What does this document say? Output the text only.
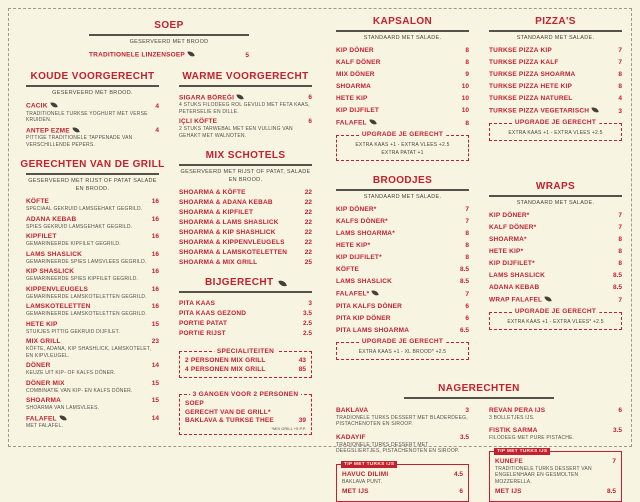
SOEP
GESERVEERD MET BROOD
TRADITIONELE LINZENSOEP	5
KOUDE VOORGERECHT
GESERVEERD MET BROOD.
CACIK	4
TRADITIONELE TURKSE YOGHURT MET VERSE KRUIDEN.
ANTEP EZME	4
PITTIGE TRADITIONELE TAPPENADE VAN VERSCHILLENDE PEPERS.
GERECHTEN VAN DE GRILL
GESERVEERD MET RIJST OF PATAT SALADE EN BROOD.
KÖFTE	16
SPECIAAL GEKRUID LAMSGEHAKT GEGRILD.
ADANA KEBAB	16
SPIES GEKRUID LAMSGEHAKT GEGRILD.
KIPFILET	16
GEMARINEERDE KIPFILET GEGRILD.
LAMS SHASLICK	16
GEMARINEERDE SPIES LAMSVLEES GEGRILD.
KIP SHASLICK	16
GEMARINEERDE SPIES KIPFILET GEGRILD.
KIPPENVLEUGELS	16
GEMARINEERDE LAMSKOTELETTEN GEGRILD.
LAMSKOTELETTEN	16
GEMARINEERDE LAMSKOTELETTEN GEGRILD.
HETE KIP	15
STUKJES PITTIG GEKRUID DIJFILET.
MIX GRILL	23
KÖFTE, ADANA, KIP SHASHLICK, LAMSKOTELET, EN KIPVLEUGEL.
DÖNER	14
KEUZE UIT KIP- OF KALFS DÖNER.
DÖNER MIX	15
COMBINATIE VAN KIP- EN KALFS DÖNER.
SHOARMA	15
SHOARMA VAN LAMSVLEES.
FALAFEL	14
MET FALAFEL.
WARME VOORGERECHT
SIGARA BÖREĞI	6
4 STUKS FILODEEG ROL GEVULD MET FETA KAAS, PETERSELIE EN DILLE.
IÇLI KÖFTE	6
2 STUKS TARWEBAL MET EEN VULLING VAN GEHAKT MET WALNOTEN.
MIX SCHOTELS
GESERVEERD MET RIJST OF PATAT, SALADE EN BROOD.
SHOARMA & KÖFTE	22
SHOARMA & ADANA KEBAB	22
SHOARMA & KIPFILET	22
SHOARMA & LAMS SHASLICK	22
SHOARMA & KIP SHASHLICK	22
SHOARMA & KIPPENVLEUGELS	22
SHOARMA & LAMSKOTELETTEN	22
SHOARMA & MIX GRILL	25
BIJGERECHT
PITA KAAS	3
PITA KAAS GEZOND	3.5
PORTIE PATAT	2.5
PORTIE RIJST	2.5
SPECIALITEITEN
2 PERSONEN MIX GRILL	43
4 PERSONEN MIX GRILL	85
3 GANGEN VOOR 2 PERSONEN
SOEP
GERECHT VAN DE GRILL*
BAKLAVA & TURKSE THEE	39
*MIX GRILL +5 P.P.
KAPSALON
STANDAARD MET SALADE.
KIP DÖNER	8
KALF DÖNER	8
MIX DÖNER	9
SHOARMA	10
HETE KIP	10
KIP DIJFILET	10
FALAFEL	8
UPGRADE JE GERECHT
EXTRA KAAS +1 - EXTRA VLEES +2.5
EXTRA PATAT +1
BROODJES
STANDAARD MET SALADE.
KIP DÖNER*	7
KALFS DÖNER*	7
LAMS SHOARMA*	8
HETE KIP*	8
KIP DIJFILET*	8
KÖFTE	8.5
LAMS SHASLICK	8.5
FALAFEL*	7
PITA KALFS DÖNER	6
PITA KIP DÖNER	6
PITA LAMS SHOARMA	6.5
UPGRADE JE GERECHT
EXTRA KAAS +1 - XL BROOD* +2.5
PIZZA'S
STANDAARD MET SALADE.
TURKSE PIZZA KIP	7
TURKSE PIZZA KALF	7
TURKSE PIZZA SHOARMA	8
TURKSE PIZZA HETE KIP	8
TURKSE PIZZA NATUREL	4
TURKSE PIZZA VEGETARISCH	3
UPGRADE JE GERECHT
EXTRA KAAS +1 - EXTRA VLEES +2.5
WRAPS
STANDAARD MET SALADE.
KIP DÖNER*	7
KALF DÖNER*	7
SHOARMA*	8
HETE KIP*	8
KIP DIJFILET*	8
LAMS SHASLICK	8.5
ADANA KEBAB	8.5
WRAP FALAFEL	7
UPGRADE JE GERECHT
EXTRA KAAS +1 - EXTRA VLEES* +2.5
NAGERECHTEN
BAKLAVA	3
TRADIONELE TURKS DESSERT MET BLADERDEEG, PISTACHENOTEN EN SIROOP.
KADAYIF	3.5
TRADIONELE TURKS DESSERT MET DEEGSLIERTJES, PISTACHENOTEN EN SIROOP.
TIP MET TURKS IJS
HAVUC DILIMI	4.5
BAKLAVA PUNT.
MET IJS	6
REVAN PERA IJS	6
3 BOLLETJES IJS.
FISTIK SARMA	3.5
FILODEEG MET PURE PISTACHE.
TIP MET TURKS IJS
KUNEFE	7
TRADITIONELE TURKS DESSERT VAN ENGELENHAAR EN GESMOLTEN MOZZERELLA.
MET IJS	8.5
